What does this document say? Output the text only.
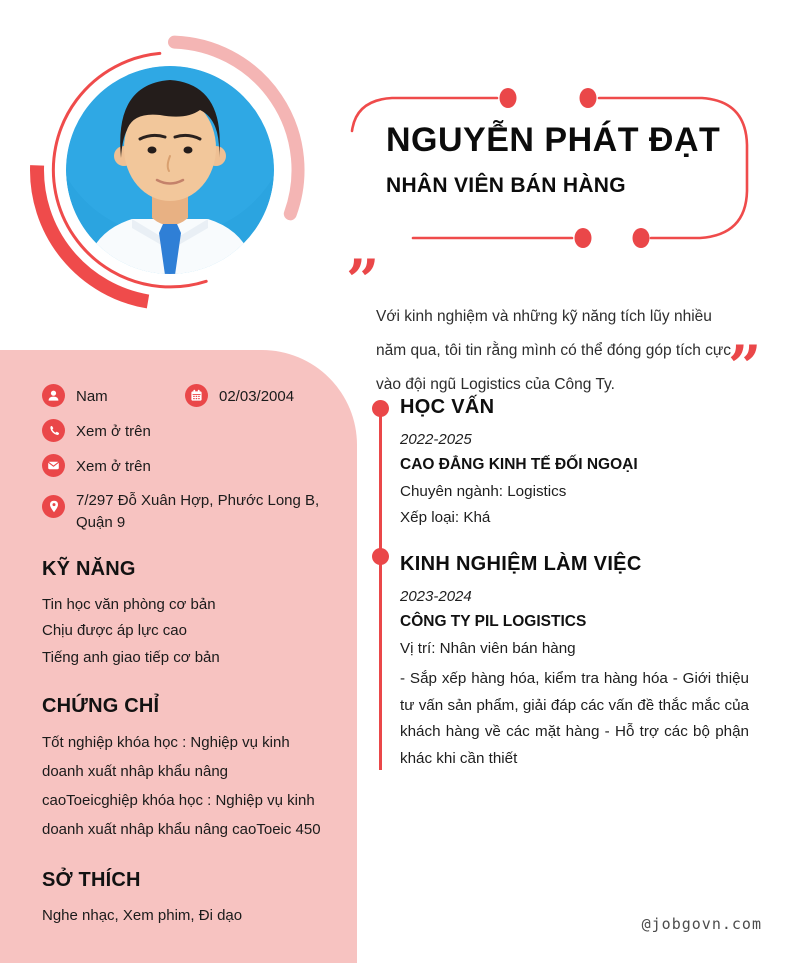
NGUYỄN PHÁT ĐẠT
NHÂN VIÊN BÁN HÀNG
”
Với kinh nghiệm và những kỹ năng tích lũy nhiều năm qua, tôi tin rằng mình có thể đóng góp tích cực vào đội ngũ Logistics của Công Ty.	”
HỌC VẤN
2022-2025
CAO ĐẲNG KINH TẾ ĐỐI NGOẠI
Chuyên ngành: Logistics
Xếp loại: Khá
KINH NGHIỆM LÀM VIỆC
2023-2024
CÔNG TY PIL LOGISTICS
Vị trí: Nhân viên bán hàng
- Sắp xếp hàng hóa, kiểm tra hàng hóa - Giới thiệu tư vấn sản phẩm, giải đáp các vấn đề thắc mắc của khách hàng về các mặt hàng - Hỗ trợ các bộ phận khác khi cần thiết
Nam	02/03/2004
Xem ở trên
Xem ở trên
7/297 Đỗ Xuân Hợp, Phước Long B, Quận 9
KỸ NĂNG
Tin học văn phòng cơ bản
Chịu được áp lực cao
Tiếng anh giao tiếp cơ bản
CHỨNG CHỈ
Tốt nghiệp khóa học : Nghiệp vụ kinh doanh xuất nhâp khẩu nâng caoToeicghiệp khóa học : Nghiệp vụ kinh doanh xuất nhâp khẩu nâng caoToeic 450
SỞ THÍCH
Nghe nhạc, Xem phim, Đi dạo	@jobgovn.com
